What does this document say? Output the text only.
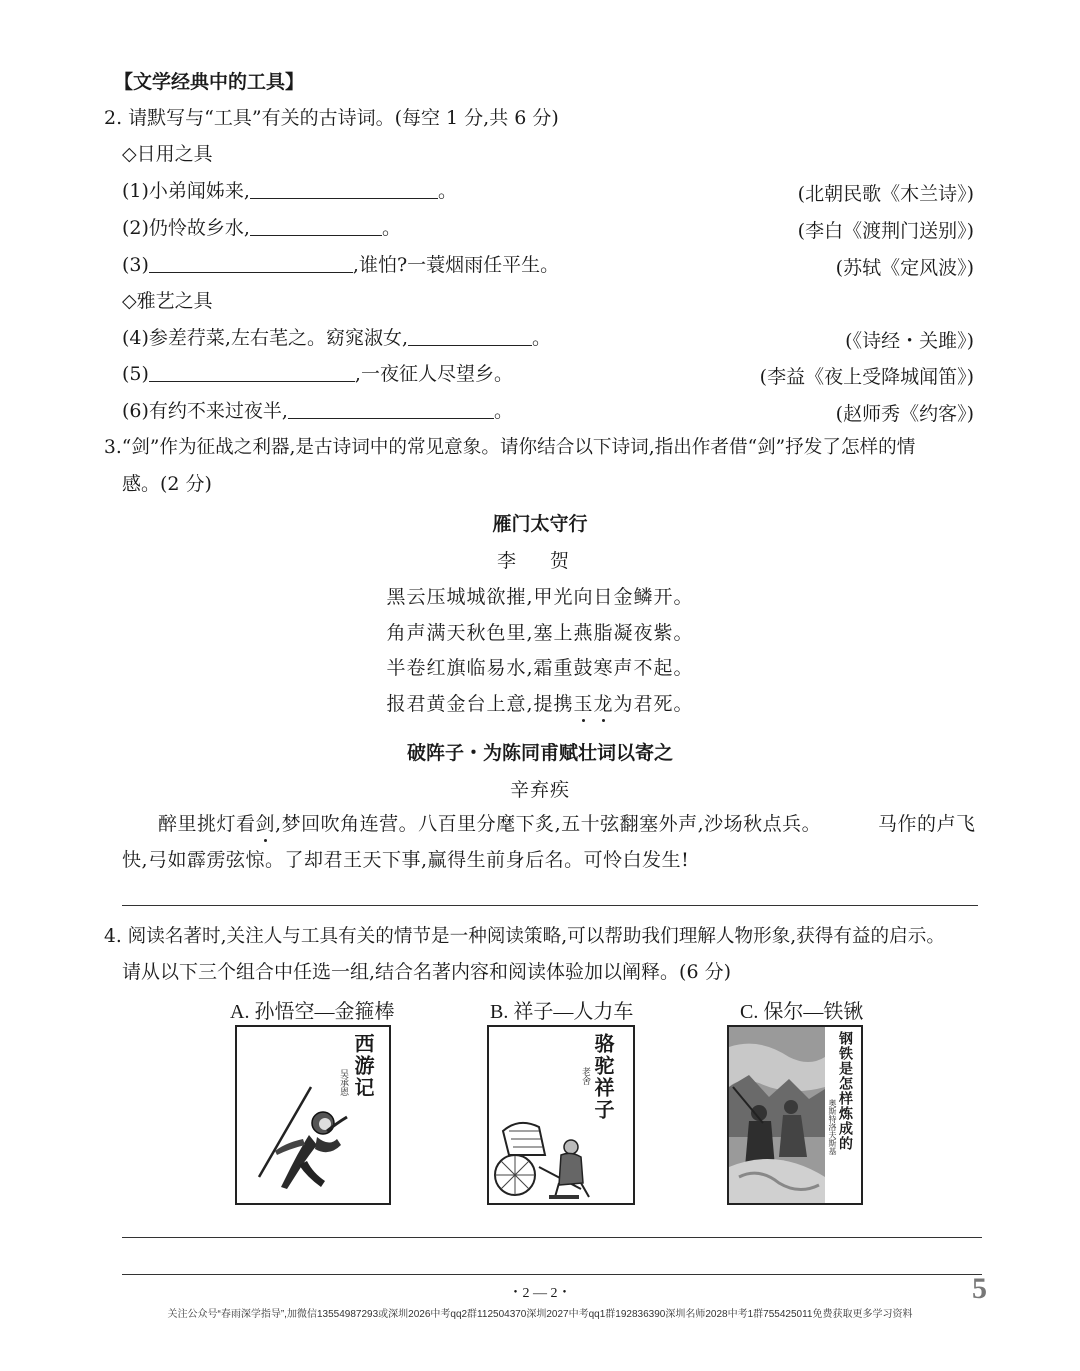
【文学经典中的工具】
2. 请默写与“工具”有关的古诗词。(每空 1 分,共 6 分)
◇日用之具
(1)小弟闻姊来,	。	(北朝民歌《木兰诗》)
(2)仍怜故乡水,	。	(李白《渡荆门送别》)
(3)	,谁怕?一蓑烟雨任平生。	(苏轼《定风波》)
◇雅艺之具
(4)参差荇菜,左右芼之。窈窕淑女,	。	(《诗经・关雎》)
(5)	,一夜征人尽望乡。	(李益《夜上受降城闻笛》)
(6)有约不来过夜半,	。	(赵师秀《约客》)
3.“剑”作为征战之利器,是古诗词中的常见意象。请你结合以下诗词,指出作者借“剑”抒发了怎样的情
感。(2 分)
雁门太守行
李 贺
黑云压城城欲摧,甲光向日金鳞开。
角声满天秋色里,塞上燕脂凝夜紫。
半卷红旗临易水,霜重鼓寒声不起。
报君黄金台上意,提携玉龙为君死。
破阵子・为陈同甫赋壮词以寄之
辛弃疾
醉里挑灯看剑,梦回吹角连营。八百里分麾下炙,五十弦翻塞外声,沙场秋点兵。	马作的卢飞
快,弓如霹雳弦惊。了却君王天下事,赢得生前身后名。可怜白发生!
4. 阅读名著时,关注人与工具有关的情节是一种阅读策略,可以帮助我们理解人物形象,获得有益的启示。
请从以下三个组合中任选一组,结合名著内容和阅读体验加以阐释。(6 分)
A. 孙悟空—金箍棒	B. 祥子—人力车	C. 保尔—铁锹
西游记
吴承恩	骆驼祥子
老舍	钢铁是怎样炼成的
奥斯特洛夫斯基
・2 — 2・
关注公众号“春雨深学指导”,加微信13554987293或深圳2026中考qq2群112504370深圳2027中考qq1群192836390深圳名师2028中考1群755425011免费获取更多学习资料
5
